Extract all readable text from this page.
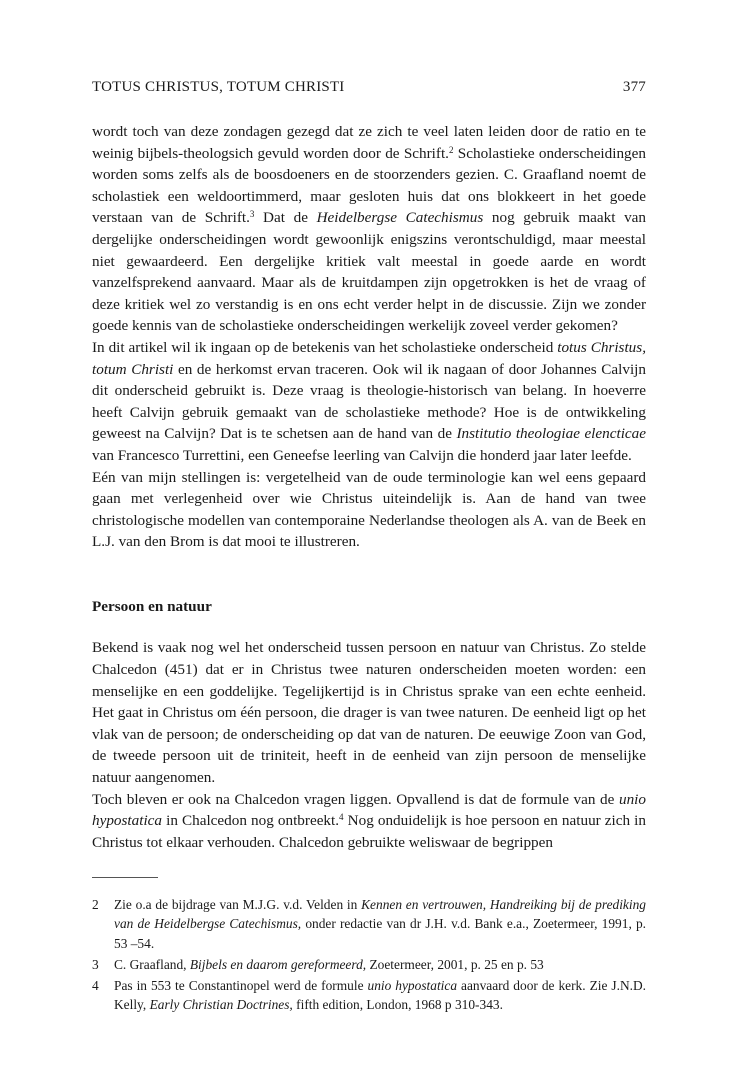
TOTUS CHRISTUS, TOTUM CHRISTI	377

wordt toch van deze zondagen gezegd dat ze zich te veel laten leiden door de ratio en te weinig bijbels-theologsich gevuld worden door de Schrift.$^2$ Scholastieke onderscheidingen worden soms zelfs als de boosdoeners en de stoorzenders gezien. C. Graafland noemt de scholastiek een weldoortimmerd, maar gesloten huis dat ons blokkeert in het goede verstaan van de Schrift.$^3$ Dat de Heidelbergse Catechismus nog gebruik maakt van dergelijke onderscheidingen wordt gewoonlijk enigszins verontschuldigd, maar meestal niet gewaardeerd. Een dergelijke kritiek valt meestal in goede aarde en wordt vanzelfsprekend aanvaard. Maar als de kruitdampen zijn opgetrokken is het de vraag of deze kritiek wel zo verstandig is en ons echt verder helpt in de discussie. Zijn we zonder goede kennis van de scholastieke onderscheidingen werkelijk zoveel verder gekomen?

In dit artikel wil ik ingaan op de betekenis van het scholastieke onderscheid totus Christus, totum Christi en de herkomst ervan traceren. Ook wil ik nagaan of door Johannes Calvijn dit onderscheid gebruikt is. Deze vraag is theologie-historisch van belang. In hoeverre heeft Calvijn gebruik gemaakt van de scholastieke methode? Hoe is de ontwikkeling geweest na Calvijn? Dat is te schetsen aan de hand van de Institutio theologiae elencticae van Francesco Turrettini, een Geneefse leerling van Calvijn die honderd jaar later leefde.

Eén van mijn stellingen is: vergetelheid van de oude terminologie kan wel eens gepaard gaan met verlegenheid over wie Christus uiteindelijk is. Aan de hand van twee christologische modellen van contemporaine Nederlandse theologen als A. van de Beek en L.J. van den Brom is dat mooi te illustreren.

Persoon en natuur

Bekend is vaak nog wel het onderscheid tussen persoon en natuur van Christus. Zo stelde Chalcedon (451) dat er in Christus twee naturen onderscheiden moeten worden: een menselijke en een goddelijke. Tegelijkertijd is in Christus sprake van een echte eenheid. Het gaat in Christus om één persoon, die drager is van twee naturen. De eenheid ligt op het vlak van de persoon; de onderscheiding op dat van de naturen. De eeuwige Zoon van God, de tweede persoon uit de triniteit, heeft in de eenheid van zijn persoon de menselijke natuur aangenomen.

Toch bleven er ook na Chalcedon vragen liggen. Opvallend is dat de formule van de unio hypostatica in Chalcedon nog ontbreekt.$^4$ Nog onduidelijk is hoe persoon en natuur zich in Christus tot elkaar verhouden. Chalcedon gebruikte weliswaar de begrippen

2	Zie o.a de bijdrage van M.J.G. v.d. Velden in Kennen en vertrouwen, Handreiking bij de prediking van de Heidelbergse Catechismus, onder redactie van dr J.H. v.d. Bank e.a., Zoetermeer, 1991, p. 53 –54.
3	C. Graafland, Bijbels en daarom gereformeerd, Zoetermeer, 2001, p. 25 en p. 53
4	Pas in 553 te Constantinopel werd de formule unio hypostatica aanvaard door de kerk. Zie J.N.D. Kelly, Early Christian Doctrines, fifth edition, London, 1968 p 310-343.
